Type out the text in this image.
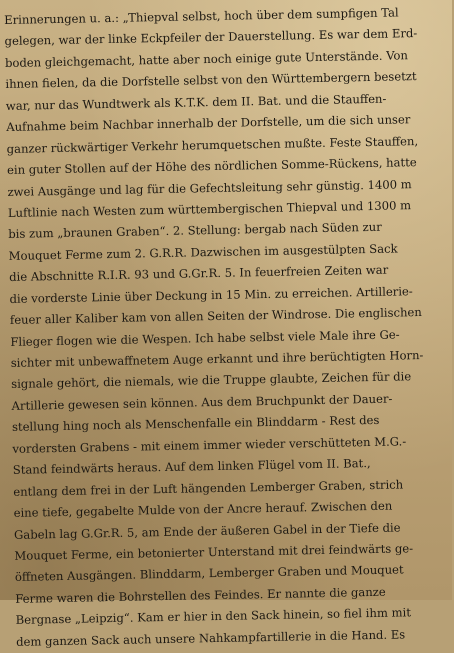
Erinnerungen u. a.: „Thiepval selbst, hoch über dem sumpfigen Tal
gelegen, war der linke Eckpfeiler der Dauerstellung. Es war dem Erd-
boden gleichgemacht, hatte aber noch einige gute Unterstände. Von
ihnen fielen, da die Dorfstelle selbst von den Württembergern besetzt
war, nur das Wundtwerk als K.T.K. dem II. Bat. und die Stauffen-
Aufnahme beim Nachbar innerhalb der Dorfstelle, um die sich unser
ganzer rückwärtiger Verkehr herumquetschen mußte. Feste Stauffen,
ein guter Stollen auf der Höhe des nördlichen Somme-Rückens, hatte
zwei Ausgänge und lag für die Gefechtsleitung sehr günstig. 1400 m
Luftlinie nach Westen zum württembergischen Thiepval und 1300 m
bis zum „braunen Graben“. 2. Stellung: bergab nach Süden zur
Mouquet Ferme zum 2. G.R.R. Dazwischen im ausgestülpten Sack
die Abschnitte R.I.R. 93 und G.Gr.R. 5. In feuerfreien Zeiten war
die vorderste Linie über Deckung in 15 Min. zu erreichen. Artillerie-
feuer aller Kaliber kam von allen Seiten der Windrose. Die englischen
Flieger flogen wie die Wespen. Ich habe selbst viele Male ihre Ge-
sichter mit unbewaffnetem Auge erkannt und ihre berüchtigten Horn-
signale gehört, die niemals, wie die Truppe glaubte, Zeichen für die
Artillerie gewesen sein können. Aus dem Bruchpunkt der Dauer-
stellung hing noch als Menschenfalle ein Blinddarm - Rest des
vordersten Grabens - mit einem immer wieder verschütteten M.G.-
Stand feindwärts heraus. Auf dem linken Flügel vom II. Bat.,
entlang dem frei in der Luft hängenden Lemberger Graben, strich
eine tiefe, gegabelte Mulde von der Ancre herauf. Zwischen den
Gabeln lag G.Gr.R. 5, am Ende der äußeren Gabel in der Tiefe die
Mouquet Ferme, ein betonierter Unterstand mit drei feindwärts ge-
öffneten Ausgängen. Blinddarm, Lemberger Graben und Mouquet
Ferme waren die Bohrstellen des Feindes. Er nannte die ganze
Bergnase „Leipzig“. Kam er hier in den Sack hinein, so fiel ihm mit
dem ganzen Sack auch unsere Nahkampfartillerie in die Hand. Es
